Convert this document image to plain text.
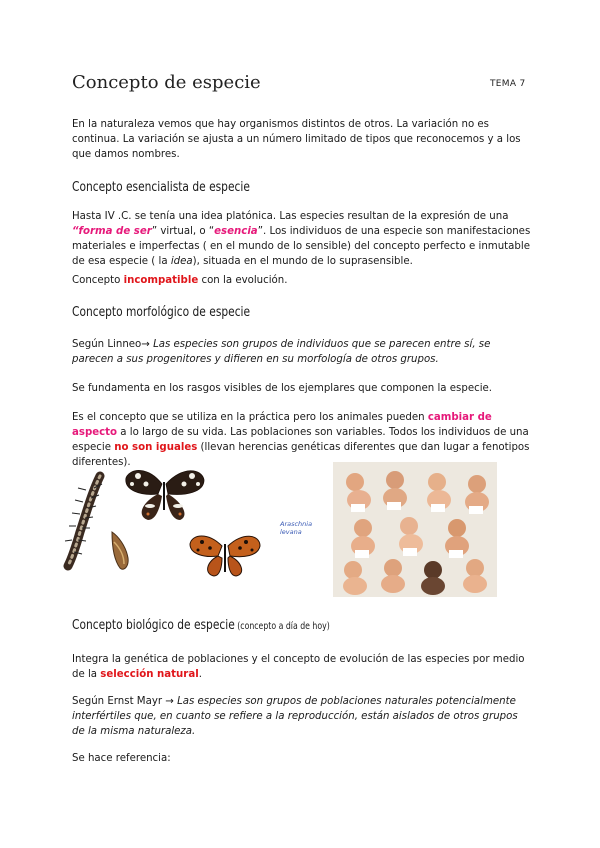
Concepto de especie	TEMA 7
En la naturaleza vemos que hay organismos distintos de otros. La variación no es continua. La variación se ajusta a un número limitado de tipos que reconocemos y a los que damos nombres.
Concepto esencialista de especie
Hasta IV .C. se tenía una idea platónica. Las especies resultan de la expresión de una “forma de ser” virtual, o “esencia”. Los individuos de una especie son manifestaciones materiales e imperfectas ( en el mundo de lo sensible) del concepto perfecto e inmutable de esa especie ( la idea), situada en el mundo de lo suprasensible.
Concepto incompatible con la evolución.
Concepto morfológico de especie
Según Linneo→ Las especies son grupos de individuos que se parecen entre sí, se parecen a sus progenitores y difieren en su morfología de otros grupos.
Se fundamenta en los rasgos visibles de los ejemplares que componen la especie.
Es el concepto que se utiliza en la práctica pero los animales pueden cambiar de aspecto a lo largo de su vida. Las poblaciones son variables. Todos los individuos de una especie no son iguales (llevan herencias genéticas diferentes que dan lugar a fenotipos diferentes).
Araschnia
levana
Concepto biológico de especie (concepto a día de hoy)
Integra la genética de poblaciones y el concepto de evolución de las especies por medio de la selección natural.
Según Ernst Mayr → Las especies son grupos de poblaciones naturales potencialmente interfértiles que, en cuanto se refiere a la reproducción, están aislados de otros grupos de la misma naturaleza.
Se hace referencia:
